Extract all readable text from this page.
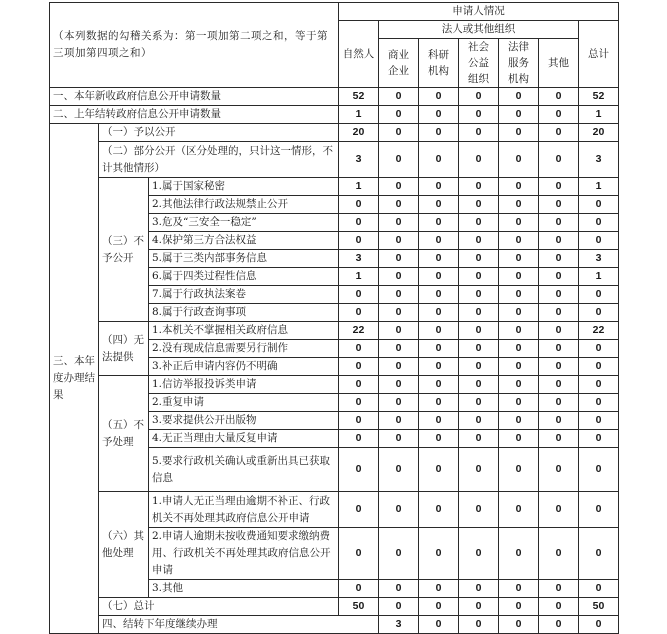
（本列数据的勾稽关系为：第一项加第二项之和，等于第三项加第四项之和）			申请人情况							
			自然人	法人或其他组织					总计	
				商业企业	科研机构	社会公益组织	法律服务机构	其他		
一、本年新收政府信息公开申请数量			52	0	0	0	0	0	52	
二、上年结转政府信息公开申请数量			1	0	0	0	0	0	1	
三、本年度办理结果	（一）予以公开		20	0	0	0	0	0	20	
	（二）部分公开（区分处理的，只计这一情形，不计其他情形）		3	0	0	0	0	0	3	
	（三）不予公开	1.属于国家秘密	1	0	0	0	0	0	1	
		2.其他法律行政法规禁止公开	0	0	0	0	0	0	0	
		3.危及“三安全一稳定”	0	0	0	0	0	0	0	
		4.保护第三方合法权益	0	0	0	0	0	0	0	
		5.属于三类内部事务信息	3	0	0	0	0	0	3	
		6.属于四类过程性信息	1	0	0	0	0	0	1	
		7.属于行政执法案卷	0	0	0	0	0	0	0	
		8.属于行政查询事项	0	0	0	0	0	0	0	
	（四）无法提供	1.本机关不掌握相关政府信息	22	0	0	0	0	0	22	
		2.没有现成信息需要另行制作	0	0	0	0	0	0	0	
		3.补正后申请内容仍不明确	0	0	0	0	0	0	0	
	（五）不予处理	1.信访举报投诉类申请	0	0	0	0	0	0	0	
		2.重复申请	0	0	0	0	0	0	0	
		3.要求提供公开出版物	0	0	0	0	0	0	0	
		4.无正当理由大量反复申请	0	0	0	0	0	0	0	
		5.要求行政机关确认或重新出具已获取信息	0	0	0	0	0	0	0	
	（六）其他处理	1.申请人无正当理由逾期不补正、行政机关不再处理其政府信息公开申请	0	0	0	0	0	0	0	
		2.申请人逾期未按收费通知要求缴纳费用、行政机关不再处理其政府信息公开申请	0	0	0	0	0	0	0	
		3.其他	0	0	0	0	0	0	0	
	（七）总计		50	0	0	0	0	0	50	
	四、结转下年度继续办理			3	0	0	0	0	0	
